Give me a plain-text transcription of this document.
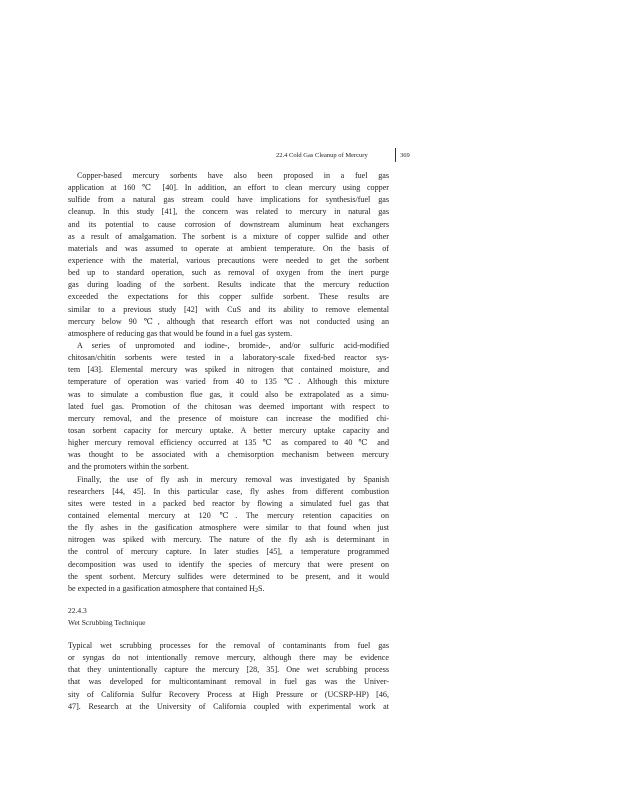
22.4 Cold Gas Cleanup of Mercury	369
Copper-based mercury sorbents have also been proposed in a fuel gas
application at 160 ℃ [40]. In addition, an effort to clean mercury using copper
sulfide from a natural gas stream could have implications for synthesis/fuel gas
cleanup. In this study [41], the concern was related to mercury in natural gas
and its potential to cause corrosion of downstream aluminum heat exchangers
as a result of amalgamation. The sorbent is a mixture of copper sulfide and other
materials and was assumed to operate at ambient temperature. On the basis of
experience with the material, various precautions were needed to get the sorbent
bed up to standard operation, such as removal of oxygen from the inert purge
gas during loading of the sorbent. Results indicate that the mercury reduction
exceeded the expectations for this copper sulfide sorbent. These results are
similar to a previous study [42] with CuS and its ability to remove elemental
mercury below 90 ℃, although that research effort was not conducted using an
atmosphere of reducing gas that would be found in a fuel gas system.
A series of unpromoted and iodine-, bromide-, and/or sulfuric acid-modified
chitosan/chitin sorbents were tested in a laboratory-scale fixed-bed reactor sys-
tem [43]. Elemental mercury was spiked in nitrogen that contained moisture, and
temperature of operation was varied from 40 to 135 ℃. Although this mixture
was to simulate a combustion flue gas, it could also be extrapolated as a simu-
lated fuel gas. Promotion of the chitosan was deemed important with respect to
mercury removal, and the presence of moisture can increase the modified chi-
tosan sorbent capacity for mercury uptake. A better mercury uptake capacity and
higher mercury removal efficiency occurred at 135 ℃ as compared to 40 ℃ and
was thought to be associated with a chemisorption mechanism between mercury
and the promoters within the sorbent.
Finally, the use of fly ash in mercury removal was investigated by Spanish
researchers [44, 45]. In this particular case, fly ashes from different combustion
sites were tested in a packed bed reactor by flowing a simulated fuel gas that
contained elemental mercury at 120 ℃. The mercury retention capacities on
the fly ashes in the gasification atmosphere were similar to that found when just
nitrogen was spiked with mercury. The nature of the fly ash is determinant in
the control of mercury capture. In later studies [45], a temperature programmed
decomposition was used to identify the species of mercury that were present on
the spent sorbent. Mercury sulfides were determined to be present, and it would
be expected in a gasification atmosphere that contained $H_2S$.
22.4.3
Wet Scrubbing Technique
Typical wet scrubbing processes for the removal of contaminants from fuel gas
or syngas do not intentionally remove mercury, although there may be evidence
that they unintentionally capture the mercury [28, 35]. One wet scrubbing process
that was developed for multicontaminant removal in fuel gas was the Univer-
sity of California Sulfur Recovery Process at High Pressure or (UCSRP-HP) [46,
47]. Research at the University of California coupled with experimental work at
